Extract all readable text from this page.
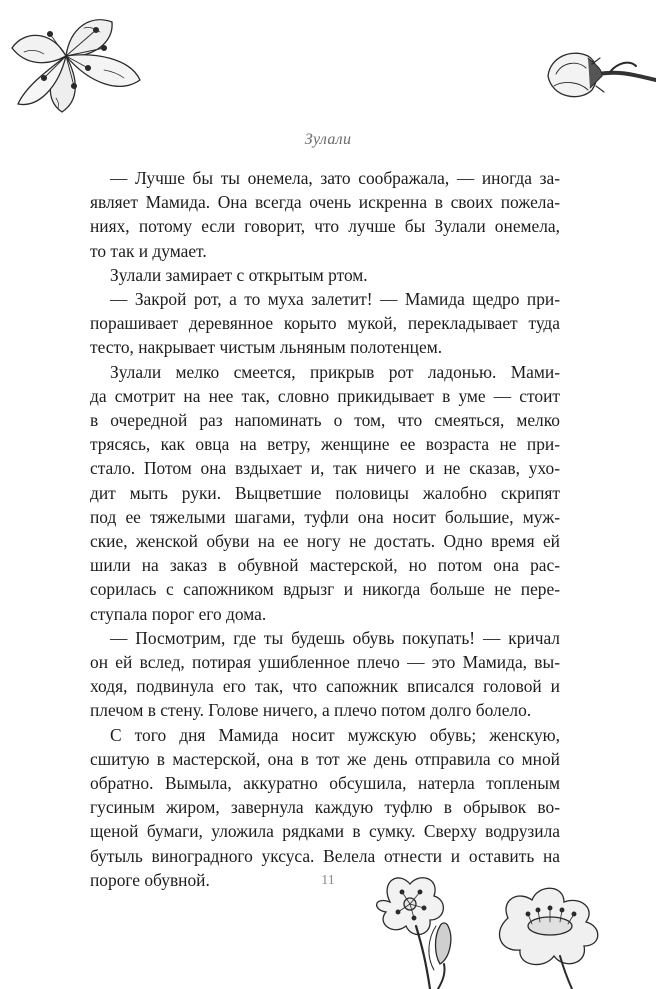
Зулали
— Лучше бы ты онемела, зато соображала, — иногда за-
являет Мамида. Она всегда очень искренна в своих пожела-
ниях, потому если говорит, что лучше бы Зулали онемела,
то так и думает.
Зулали замирает с открытым ртом.
— Закрой рот, а то муха залетит! — Мамида щедро при-
порашивает деревянное корыто мукой, перекладывает туда
тесто, накрывает чистым льняным полотенцем.
Зулали мелко смеется, прикрыв рот ладонью. Мами-
да смотрит на нее так, словно прикидывает в уме — стоит
в очередной раз напоминать о том, что смеяться, мелко
трясясь, как овца на ветру, женщине ее возраста не при-
стало. Потом она вздыхает и, так ничего и не сказав, ухо-
дит мыть руки. Выцветшие половицы жалобно скрипят
под ее тяжелыми шагами, туфли она носит большие, муж-
ские, женской обуви на ее ногу не достать. Одно время ей
шили на заказ в обувной мастерской, но потом она рас-
сорилась с сапожником вдрызг и никогда больше не пере-
ступала порог его дома.
— Посмотрим, где ты будешь обувь покупать! — кричал
он ей вслед, потирая ушибленное плечо — это Мамида, вы-
ходя, подвинула его так, что сапожник вписался головой и
плечом в стену. Голове ничего, а плечо потом долго болело.
С того дня Мамида носит мужскую обувь; женскую,
сшитую в мастерской, она в тот же день отправила со мной
обратно. Вымыла, аккуратно обсушила, натерла топленым
гусиным жиром, завернула каждую туфлю в обрывок во-
щеной бумаги, уложила рядками в сумку. Сверху водрузила
бутыль виноградного уксуса. Велела отнести и оставить на
пороге обувной.	11
